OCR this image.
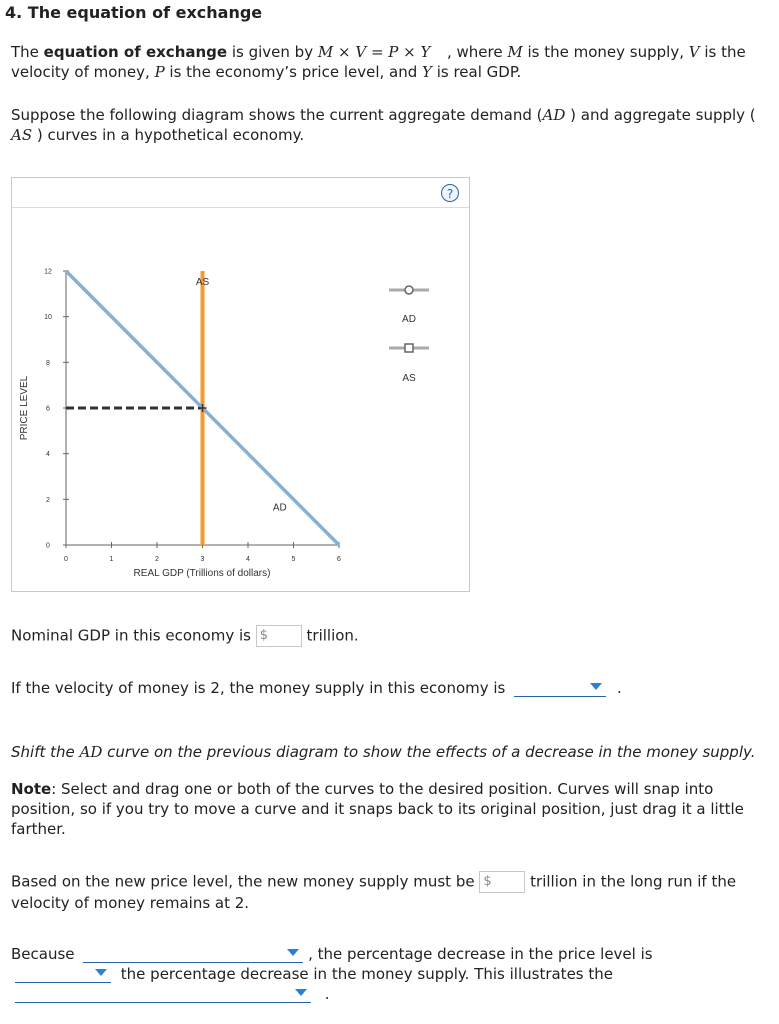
4. The equation of exchange
The equation of exchange is given by M × V = P × Y , where M is the money supply, V is the
velocity of money, P is the economy’s price level, and Y is real GDP.
Suppose the following diagram shows the current aggregate demand (AD ) and aggregate supply (
AS ) curves in a hypothetical economy.
?
0	1	2	3	4	5	6
0
2
4
6
8
10
12
AS
AD
PRICE LEVEL
REAL GDP (Trillions of dollars)
AD
AS
Nominal GDP in this economy is $	trillion.
If the velocity of money is 2, the money supply in this economy is	.
Shift the AD curve on the previous diagram to show the effects of a decrease in the money supply.
Note: Select and drag one or both of the curves to the desired position. Curves will snap into
position, so if you try to move a curve and it snaps back to its original position, just drag it a little
farther.
Based on the new price level, the new money supply must be $	trillion in the long run if the
velocity of money remains at 2.
Because	, the percentage decrease in the price level is
the percentage decrease in the money supply. This illustrates the
.
